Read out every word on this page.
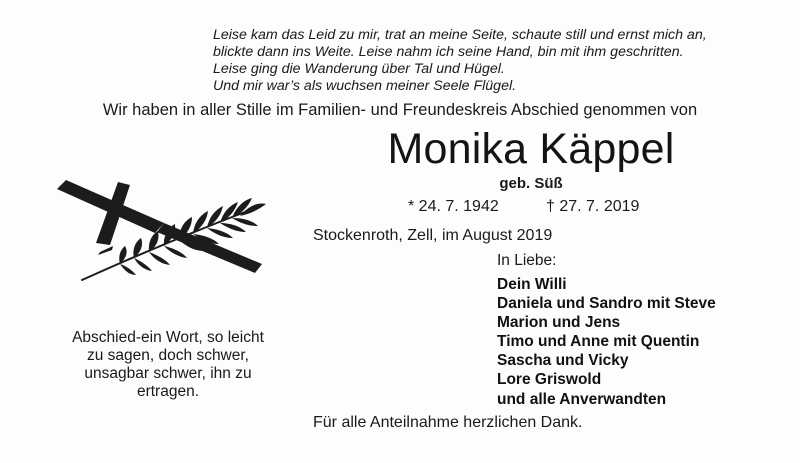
Leise kam das Leid zu mir, trat an meine Seite, schaute still und ernst mich an,
blickte dann ins Weite. Leise nahm ich seine Hand, bin mit ihm geschritten.
Leise ging die Wanderung über Tal und Hügel.
Und mir war’s als wuchsen meiner Seele Flügel.
Wir haben in aller Stille im Familien- und Freundeskreis Abschied genommen von
Monika Käppel
geb. Süß
* 24. 7. 1942	† 27. 7. 2019
Stockenroth, Zell, im August 2019
In Liebe:
Dein Willi
Daniela und Sandro mit Steve
Marion und Jens
Timo und Anne mit Quentin
Sascha und Vicky
Lore Griswold
und alle Anverwandten
Abschied-ein Wort, so leicht
zu sagen, doch schwer,
unsagbar schwer, ihn zu
ertragen.
Für alle Anteilnahme herzlichen Dank.
